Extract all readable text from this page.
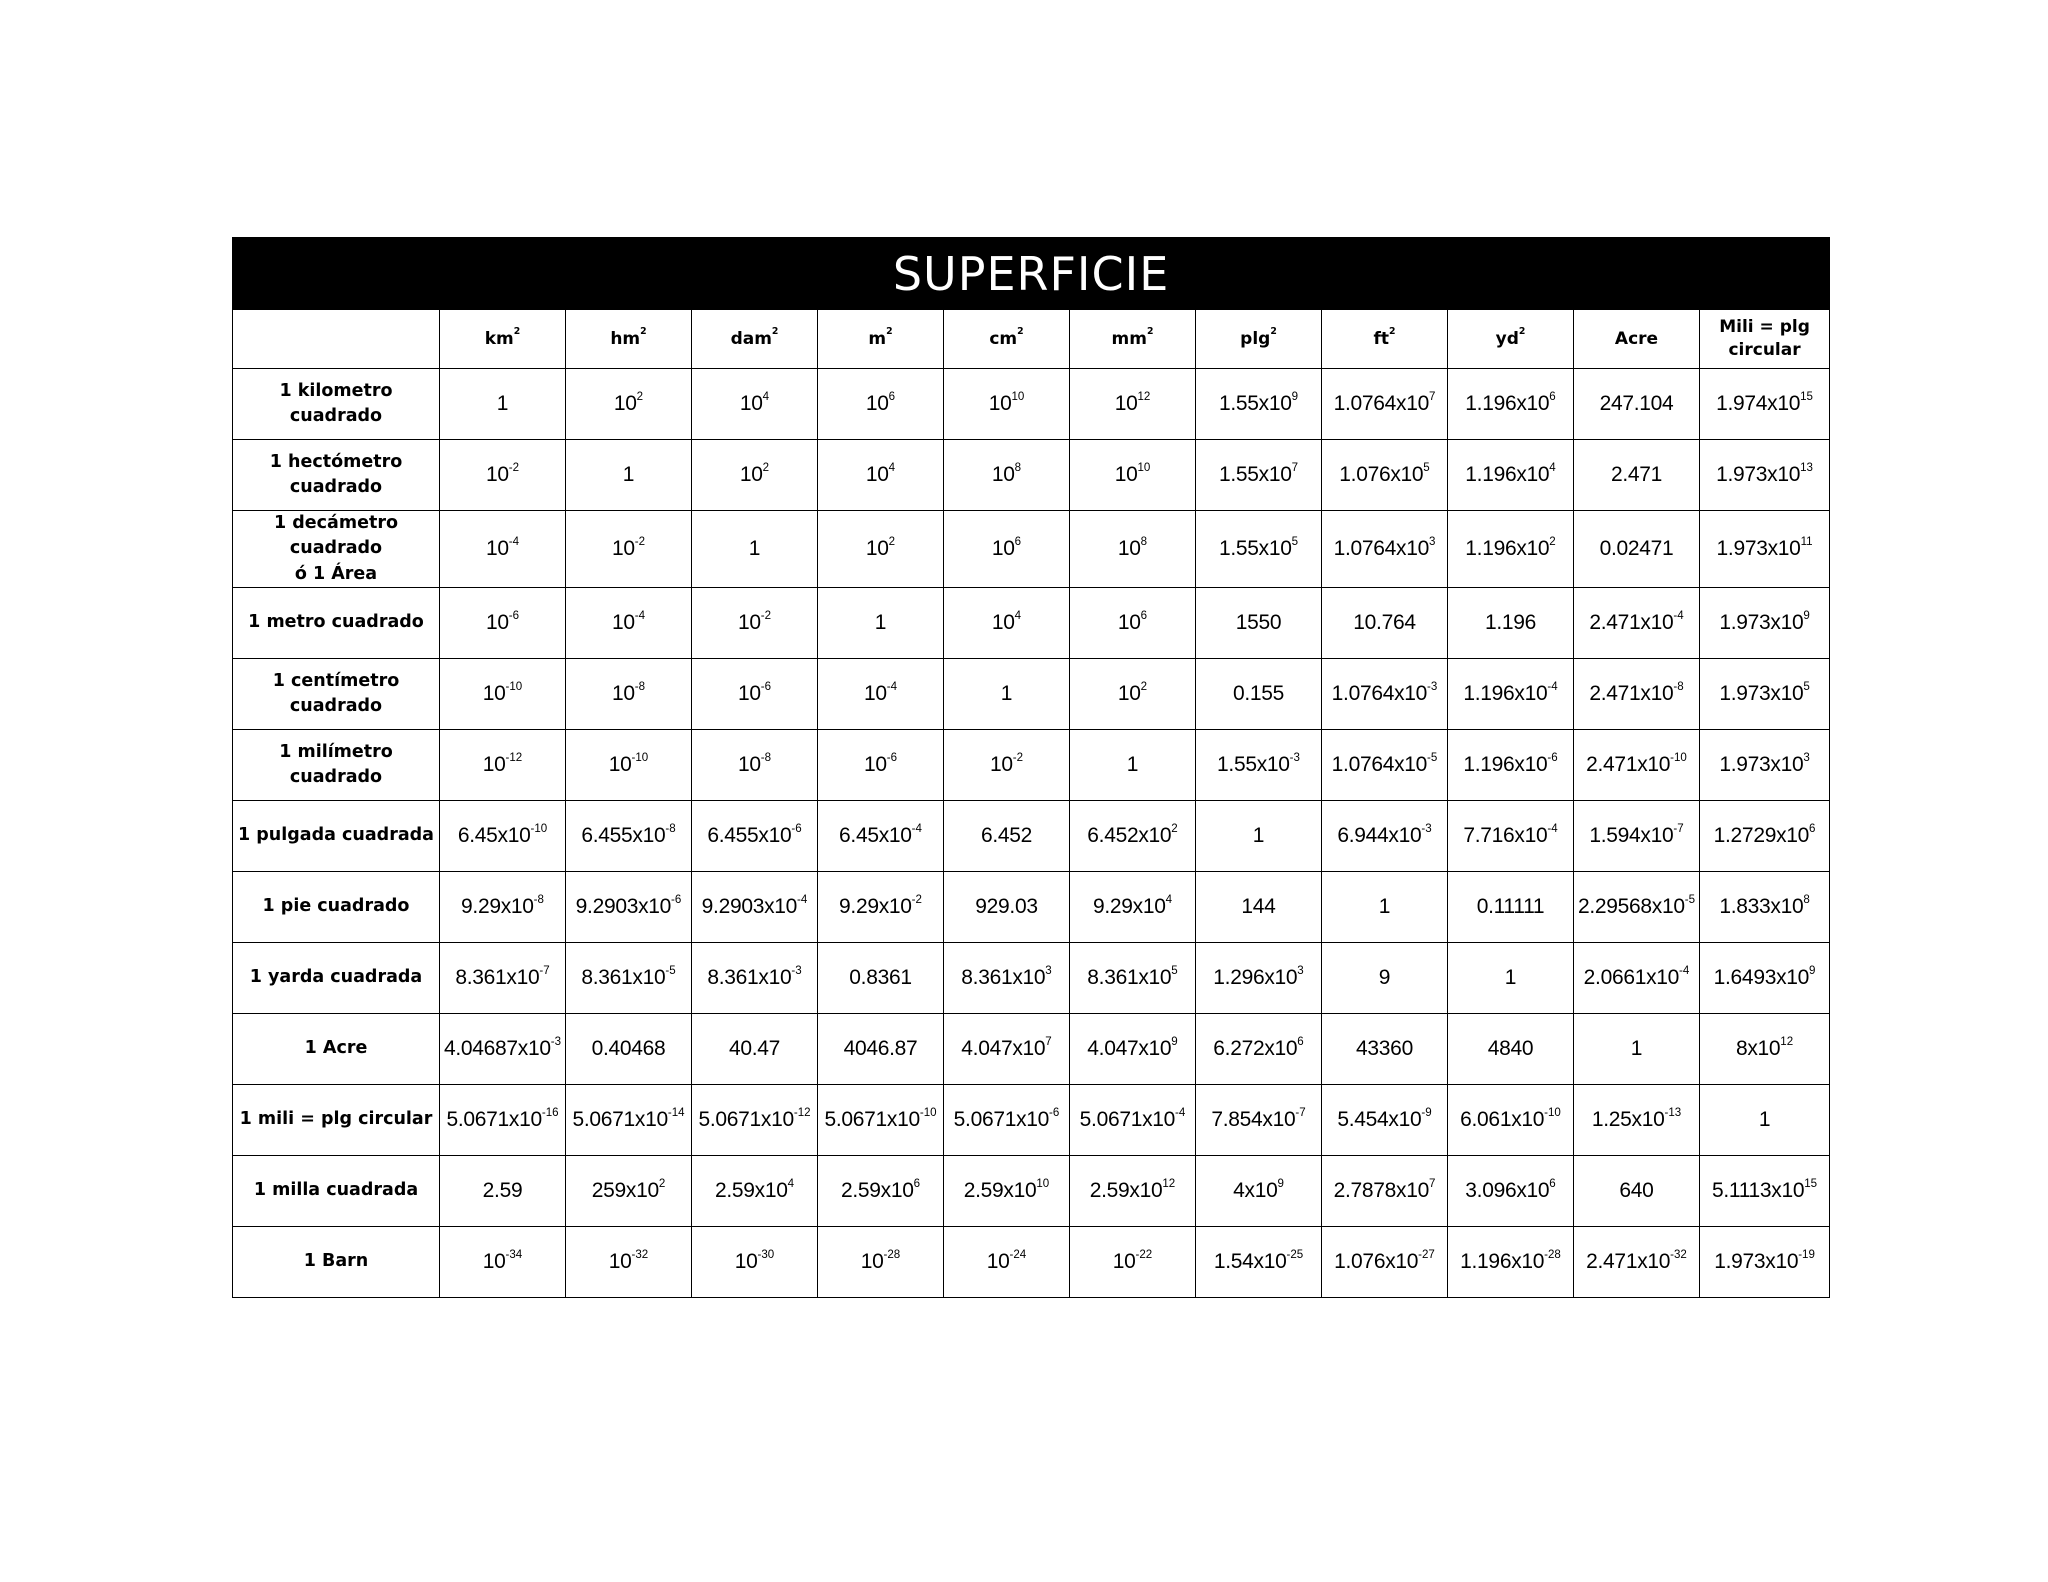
SUPERFICIE											
	$km^2$	$hm^2$	dam$^2$	$m^2$	$cm^2$	$mm^2$	plg$^2$	$ft^2$	$yd^2$	Acre	Mili = plg circular
1 kilometro cuadrado	1	$10^2$	$10^4$	$10^6$	$10^{10}$	$10^{12}$	$1.55x10^9$	$1.0764x10^7$	$1.196x10^6$	247.104	$1.974x10^{15}$
1 hectómetro cuadrado	$10^{-2}$	1	$10^2$	$10^4$	$10^8$	$10^{10}$	$1.55x10^7$	$1.076x10^5$	$1.196x10^4$	2.471	$1.973x10^{13}$
1 decámetro cuadrado
ó 1 Área	$10^{-4}$	$10^{-2}$	1	$10^2$	$10^6$	$10^8$	$1.55x10^5$	$1.0764x10^3$	$1.196x10^2$	0.02471	$1.973x10^{11}$
1 metro cuadrado	$10^{-6}$	$10^{-4}$	$10^{-2}$	1	$10^4$	$10^6$	1550	10.764	1.196	$2.471x10^{-4}$	$1.973x10^9$
1 centímetro cuadrado	$10^{-10}$	$10^{-8}$	$10^{-6}$	$10^{-4}$	1	$10^2$	0.155	$1.0764x10^{-3}$	$1.196x10^{-4}$	$2.471x10^{-8}$	$1.973x10^5$
1 milímetro cuadrado	$10^{-12}$	$10^{-10}$	$10^{-8}$	$10^{-6}$	$10^{-2}$	1	$1.55x10^{-3}$	$1.0764x10^{-5}$	$1.196x10^{-6}$	$2.471x10^{-10}$	$1.973x10^3$
1 pulgada cuadrada	$6.45x10^{-10}$	$6.455x10^{-8}$	$6.455x10^{-6}$	$6.45x10^{-4}$	6.452	$6.452x10^2$	1	$6.944x10^{-3}$	$7.716x10^{-4}$	$1.594x10^{-7}$	$1.2729x10^6$
1 pie cuadrado	$9.29x10^{-8}$	$9.2903x10^{-6}$	$9.2903x10^{-4}$	$9.29x10^{-2}$	929.03	$9.29x10^4$	144	1	0.11111	$2.29568x10^{-5}$	$1.833x10^8$
1 yarda cuadrada	$8.361x10^{-7}$	$8.361x10^{-5}$	$8.361x10^{-3}$	0.8361	$8.361x10^3$	$8.361x10^5$	$1.296x10^3$	9	1	$2.0661x10^{-4}$	$1.6493x10^9$
1 Acre	$4.04687x10^{-3}$	0.40468	40.47	4046.87	$4.047x10^7$	$4.047x10^9$	$6.272x10^6$	43360	4840	1	$8x10^{12}$
1 mili = plg circular	$5.0671x10^{-16}$	$5.0671x10^{-14}$	$5.0671x10^{-12}$	$5.0671x10^{-10}$	$5.0671x10^{-6}$	$5.0671x10^{-4}$	$7.854x10^{-7}$	$5.454x10^{-9}$	$6.061x10^{-10}$	$1.25x10^{-13}$	1
1 milla cuadrada	2.59	$259x10^2$	$2.59x10^4$	$2.59x10^6$	$2.59x10^{10}$	$2.59x10^{12}$	$4x10^9$	$2.7878x10^7$	$3.096x10^6$	640	$5.1113x10^{15}$
1 Barn	$10^{-34}$	$10^{-32}$	$10^{-30}$	$10^{-28}$	$10^{-24}$	$10^{-22}$	$1.54x10^{-25}$	$1.076x10^{-27}$	$1.196x10^{-28}$	$2.471x10^{-32}$	$1.973x10^{-19}$
